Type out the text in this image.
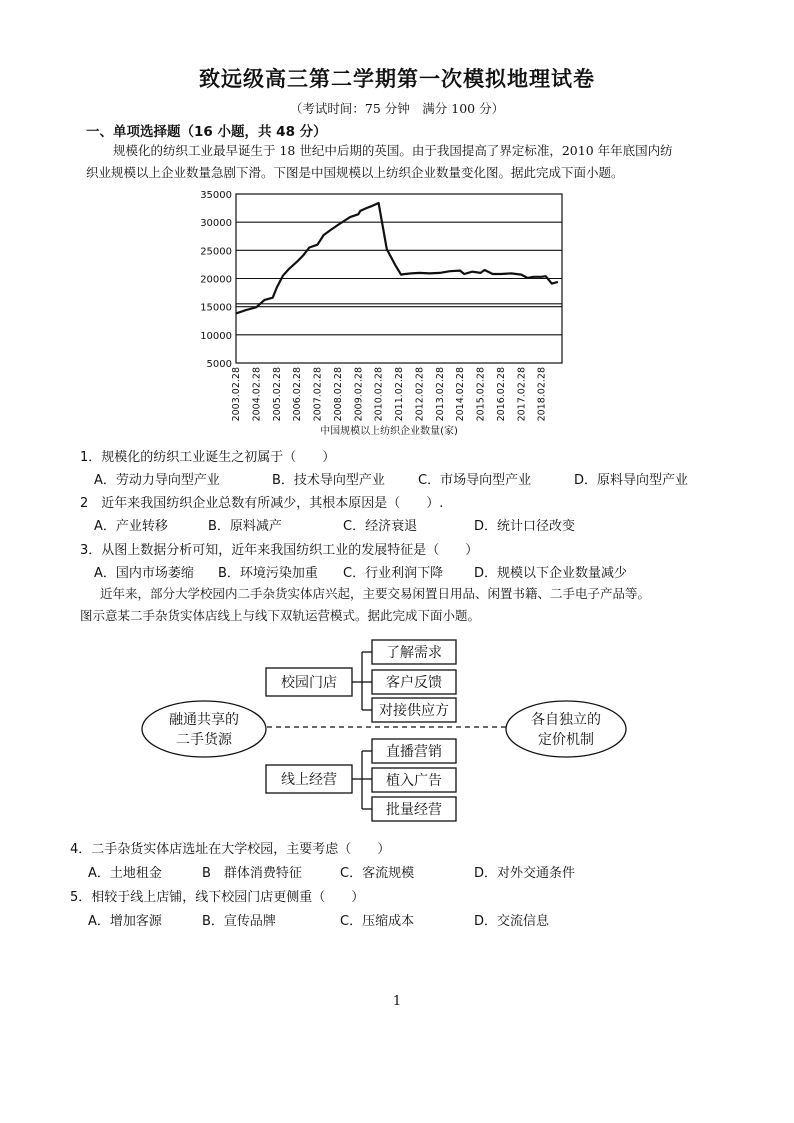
致远级高三第二学期第一次模拟地理试卷
（考试时间：75 分钟　满分 100 分）
一、单项选择题（16 小题，共 48 分）
规模化的纺织工业最早诞生于 18 世纪中后期的英国。由于我国提高了界定标准，2010 年年底国内纺
织业规模以上企业数量急剧下滑。下图是中国规模以上纺织企业数量变化图。据此完成下面小题。
5000
10000
15000
20000
25000
30000
35000
2003.02.28 2004.02.28 2005.02.28 2006.02.28 2007.02.28 2008.02.28 2009.02.28 2010.02.28 2011.02.28 2012.02.28 2013.02.28 2014.02.28 2015.02.28 2016.02.28 2017.02.28 2018.02.28
中国规模以上纺织企业数量(家)
1．规模化的纺织工业诞生之初属于（　　）
A．劳动力导向型产业	B．技术导向型产业	C．市场导向型产业	D．原料导向型产业
2　近年来我国纺织企业总数有所减少，其根本原因是（　　）.
A．产业转移	B．原料减产	C．经济衰退	D．统计口径改变
3．从图上数据分析可知，近年来我国纺织工业的发展特征是（　　）
A．国内市场萎缩 B．环境污染加重 C．行业利润下降 D．规模以下企业数量减少
近年来，部分大学校园内二手杂货实体店兴起，主要交易闲置日用品、闲置书籍、二手电子产品等。
图示意某二手杂货实体店线上与线下双轨运营模式。据此完成下面小题。
融通共享的
二手货源
各自独立的
定价机制
校园门店
了解需求
客户反馈
对接供应方
线上经营
直播营销
植入广告
批量经营
4．二手杂货实体店选址在大学校园，主要考虑（　　）
A．土地租金	B　群体消费特征	C．客流规模	D．对外交通条件
5．相较于线上店铺，线下校园门店更侧重（　　）
A．增加客源	B．宣传品牌	C．压缩成本	D．交流信息
1
